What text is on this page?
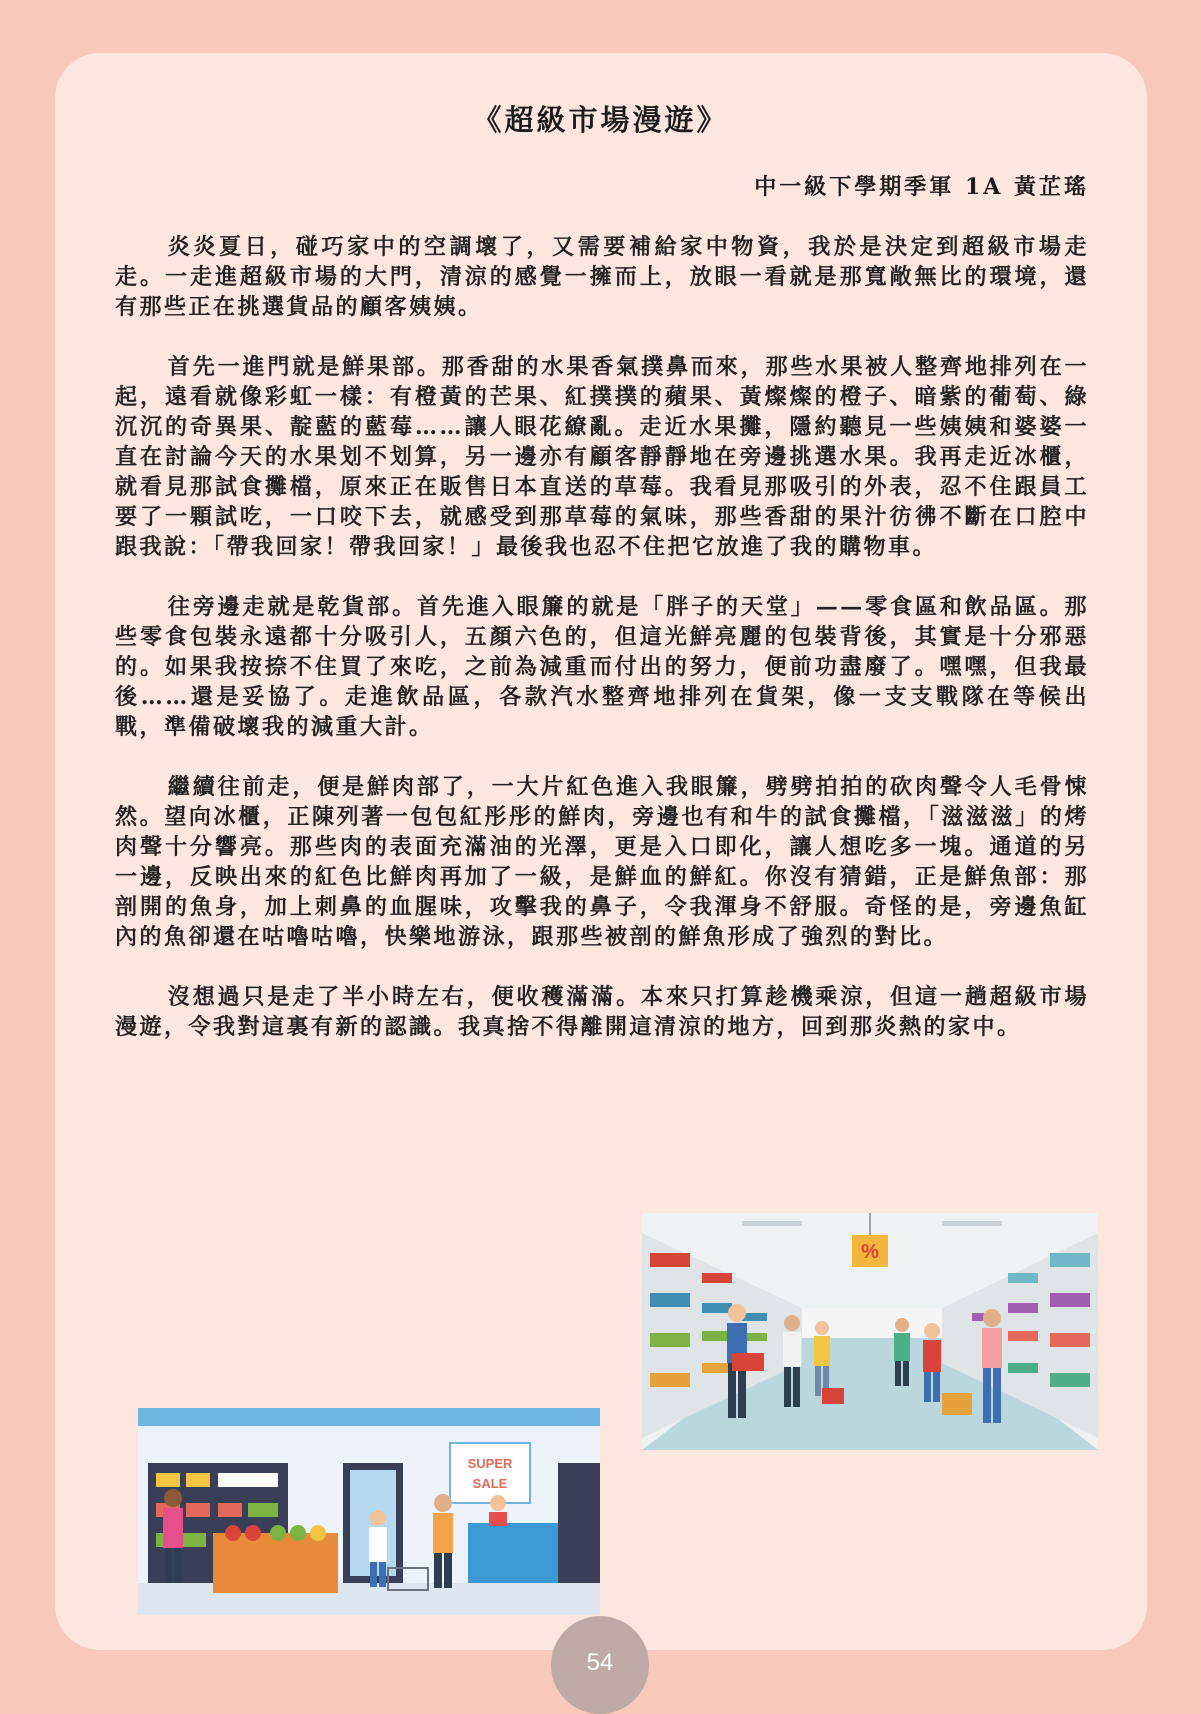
《超級市場漫遊》
中一級下學期季軍 1A 黃芷瑤

炎炎夏日，碰巧家中的空調壞了，又需要補給家中物資，我於是決定到超級市場走走。一走進超級市場的大門，清涼的感覺一擁而上，放眼一看就是那寬敞無比的環境，還有那些正在挑選貨品的顧客姨姨。

首先一進門就是鮮果部。那香甜的水果香氣撲鼻而來，那些水果被人整齊地排列在一起，遠看就像彩虹一樣：有橙黃的芒果、紅撲撲的蘋果、黃燦燦的橙子、暗紫的葡萄、綠沉沉的奇異果、靛藍的藍莓……讓人眼花繚亂。走近水果攤，隱約聽見一些姨姨和婆婆一直在討論今天的水果划不划算，另一邊亦有顧客靜靜地在旁邊挑選水果。我再走近冰櫃，就看見那試食攤檔，原來正在販售日本直送的草莓。我看見那吸引的外表，忍不住跟員工要了一顆試吃，一口咬下去，就感受到那草莓的氣味，那些香甜的果汁彷彿不斷在口腔中跟我說：「帶我回家！帶我回家！」最後我也忍不住把它放進了我的購物車。

往旁邊走就是乾貨部。首先進入眼簾的就是「胖子的天堂」——零食區和飲品區。那些零食包裝永遠都十分吸引人，五顏六色的，但這光鮮亮麗的包裝背後，其實是十分邪惡的。如果我按捺不住買了來吃，之前為減重而付出的努力，便前功盡廢了。嘿嘿，但我最後……還是妥協了。走進飲品區，各款汽水整齊地排列在貨架，像一支支戰隊在等候出戰，準備破壞我的減重大計。

繼續往前走，便是鮮肉部了，一大片紅色進入我眼簾，劈劈拍拍的砍肉聲令人毛骨悚然。望向冰櫃，正陳列著一包包紅彤彤的鮮肉，旁邊也有和牛的試食攤檔，「滋滋滋」的烤肉聲十分響亮。那些肉的表面充滿油的光澤，更是入口即化，讓人想吃多一塊。通道的另一邊，反映出來的紅色比鮮肉再加了一級，是鮮血的鮮紅。你沒有猜錯，正是鮮魚部：那剖開的魚身，加上刺鼻的血腥味，攻擊我的鼻子，令我渾身不舒服。奇怪的是，旁邊魚缸內的魚卻還在咕嚕咕嚕，快樂地游泳，跟那些被剖的鮮魚形成了強烈的對比。

沒想過只是走了半小時左右，便收穫滿滿。本來只打算趁機乘涼，但這一趟超級市場漫遊，令我對這裏有新的認識。我真捨不得離開這清涼的地方，回到那炎熱的家中。

%
SUPER
SALE
54
